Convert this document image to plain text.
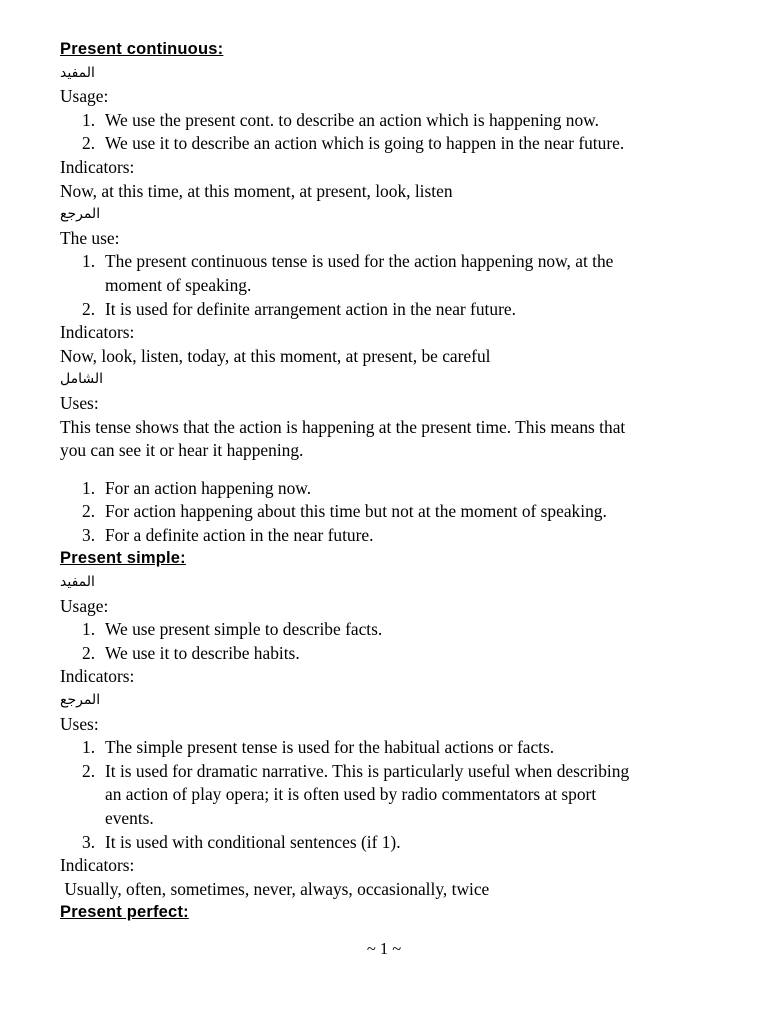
Present continuous:
المفيد
Usage:
1. We use the present cont. to describe an action which is happening now.
2. We use it to describe an action which is going to happen in the near future.
Indicators:
Now, at this time, at this moment, at present, look, listen
المرجع
The use:
1. The present continuous tense is used for the action happening now, at the
moment of speaking.
2. It is used for definite arrangement action in the near future.
Indicators:
Now, look, listen, today, at this moment, at present, be careful
الشامل
Uses:
This tense shows that the action is happening at the present time. This means that
you can see it or hear it happening.
1. For an action happening now.
2. For action happening about this time but not at the moment of speaking.
3. For a definite action in the near future.
Present simple:
المفيد
Usage:
1. We use present simple to describe facts.
2. We use it to describe habits.
Indicators:
المرجع
Uses:
1. The simple present tense is used for the habitual actions or facts.
2. It is used for dramatic narrative. This is particularly useful when describing
an action of play opera; it is often used by radio commentators at sport
events.
3. It is used with conditional sentences (if 1).
Indicators:
Usually, often, sometimes, never, always, occasionally, twice
Present perfect:
~ 1 ~
